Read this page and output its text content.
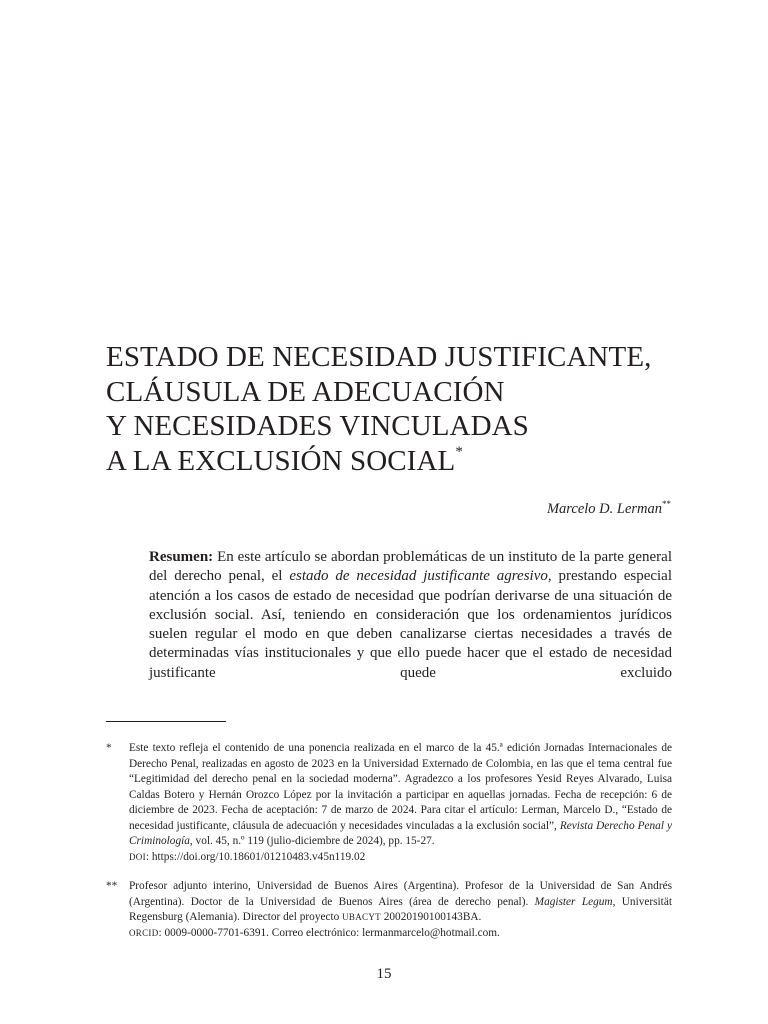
ESTADO DE NECESIDAD JUSTIFICANTE,
CLÁUSULA DE ADECUACIÓN
Y NECESIDADES VINCULADAS
A LA EXCLUSIÓN SOCIAL*
Marcelo D. Lerman**

Resumen: En este artículo se abordan problemáticas de un instituto de la parte general del derecho penal, el estado de necesidad justificante agresivo, prestando especial atención a los casos de estado de necesidad que podrían derivarse de una situación de exclusión social. Así, teniendo en consideración que los ordenamientos jurídicos suelen regular el modo en que deben canalizarse ciertas necesidades a través de determinadas vías institucionales y que ello puede hacer que el estado de necesidad justificante quede excluido

* Este texto refleja el contenido de una ponencia realizada en el marco de la 45.ª edición Jornadas Internacionales de Derecho Penal, realizadas en agosto de 2023 en la Universidad Externado de Colombia, en las que el tema central fue “Legitimidad del derecho penal en la sociedad moderna”. Agradezco a los profesores Yesid Reyes Alvarado, Luisa Caldas Botero y Hernán Orozco López por la invitación a participar en aquellas jornadas. Fecha de recepción: 6 de diciembre de 2023. Fecha de aceptación: 7 de marzo de 2024. Para citar el artículo: Lerman, Marcelo D., “Estado de necesidad justificante, cláusula de adecuación y necesidades vinculadas a la exclusión social”, Revista Derecho Penal y Criminología, vol. 45, n.º 119 (julio-diciembre de 2024), pp. 15-27.
DOI: https://doi.org/10.18601/01210483.v45n119.02
** Profesor adjunto interino, Universidad de Buenos Aires (Argentina). Profesor de la Universidad de San Andrés (Argentina). Doctor de la Universidad de Buenos Aires (área de derecho penal). Magister Legum, Universität Regensburg (Alemania). Director del proyecto UBACYT 20020190100143BA.
ORCID: 0009-0000-7701-6391. Correo electrónico: lermanmarcelo@hotmail.com.
15
